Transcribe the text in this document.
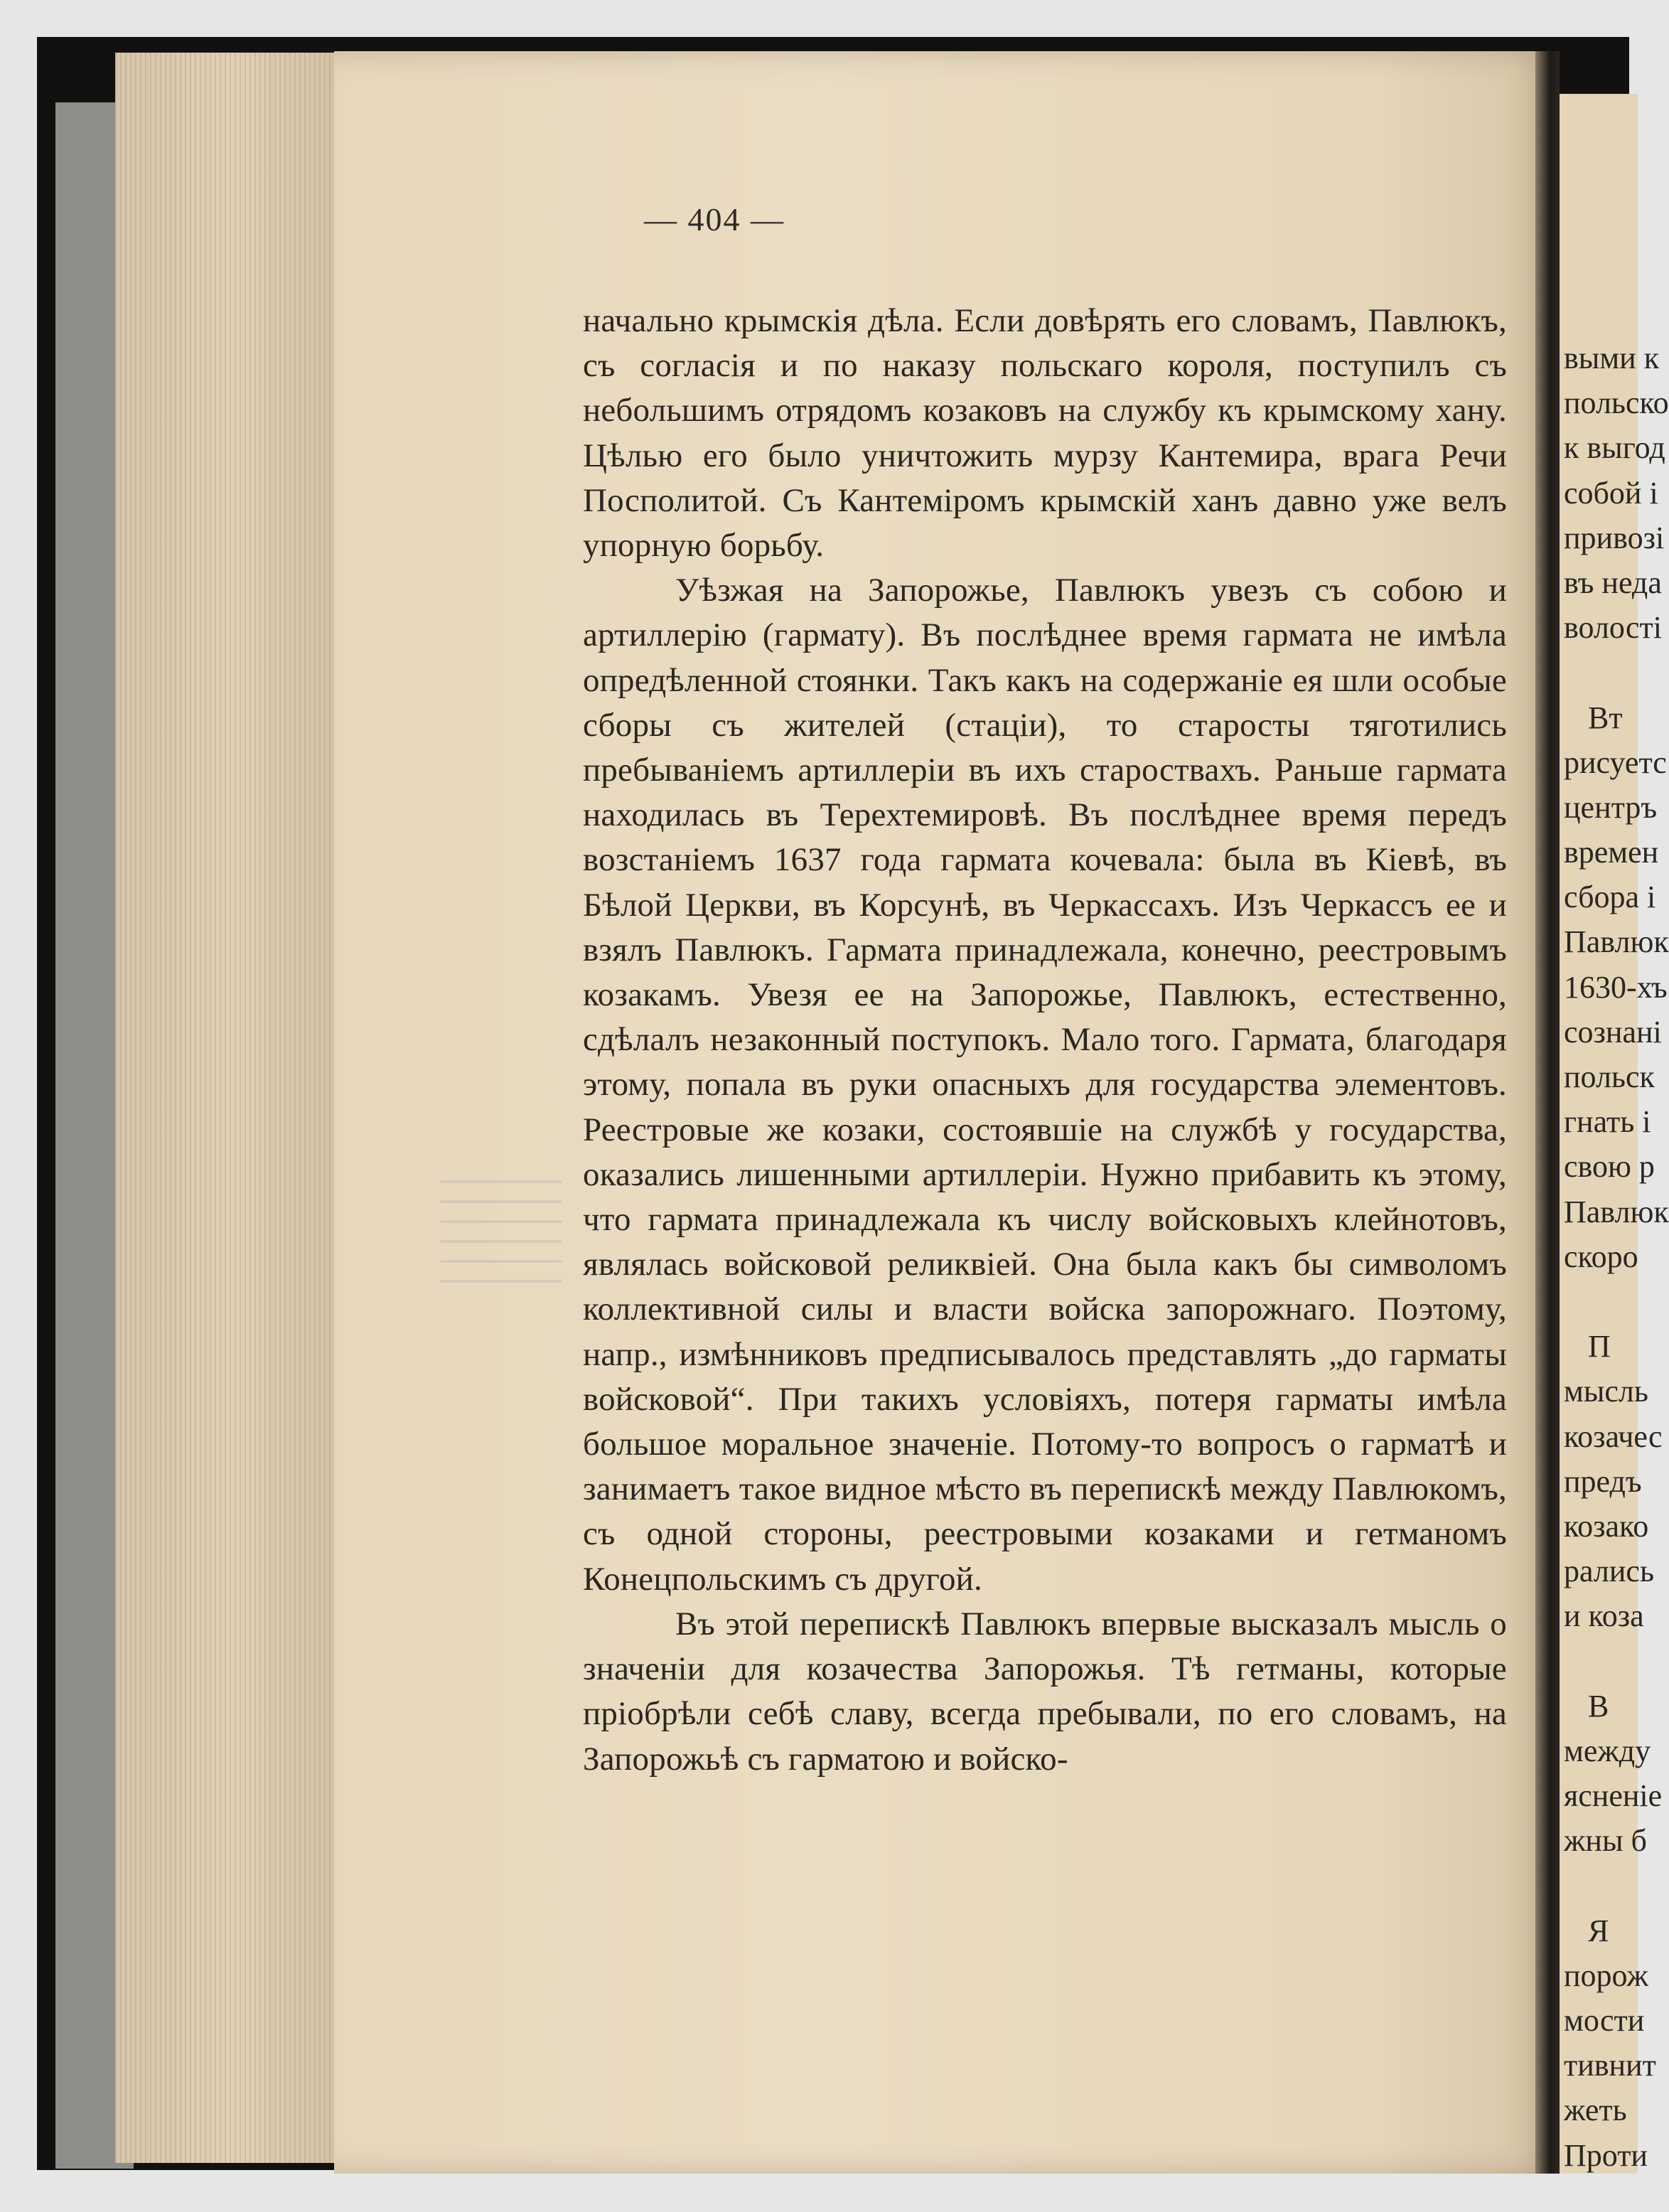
выми к
польско
к выгод
собой і
привозі
въ неда
волості
Вт
рисуетс
центръ
времен
сбора і
Павлюк
1630-хъ
сознані
польск
гнать і
свою р
Павлюк
скоро
П
мысль
козачес
предъ
козако
рались
и коза
В
между
ясненіе
жны б
Я
порож
мости
тивнит
жеть
Проти
— 404 —

начально крымскія дѣла. Если довѣрять его словамъ, Павлюкъ, съ согласія и по наказу польскаго короля, поступилъ съ небольшимъ отрядомъ козаковъ на службу къ крымскому хану. Цѣлью его было уничтожить мурзу Кантемира, врага Речи Посполитой. Съ Кантеміромъ крымскій ханъ давно уже велъ упорную борьбу.

Уѣзжая на Запорожье, Павлюкъ увезъ съ собою и артиллерію (гармату). Въ послѣднее время гармата не имѣла опредѣленной стоянки. Такъ какъ на содержаніе ея шли особые сборы съ жителей (стаціи), то старосты тяготились пребываніемъ артиллеріи въ ихъ староствахъ. Раньше гармата находилась въ Терехтемировѣ. Въ послѣднее время передъ возстаніемъ 1637 года гармата кочевала: была въ Кіевѣ, въ Бѣлой Церкви, въ Корсунѣ, въ Черкассахъ. Изъ Черкассъ ее и взялъ Павлюкъ. Гармата принадлежала, конечно, реестровымъ козакамъ. Увезя ее на Запорожье, Павлюкъ, естественно, сдѣлалъ незаконный поступокъ. Мало того. Гармата, благодаря этому, попала въ руки опасныхъ для государства элементовъ. Реестровые же козаки, состоявшіе на службѣ у государства, оказались лишенными артиллеріи. Нужно прибавить къ этому, что гармата принадлежала къ числу войсковыхъ клейнотовъ, являлась войсковой реликвіей. Она была какъ бы символомъ коллективной силы и власти войска запорожнаго. Поэтому, напр., измѣнниковъ предписывалось представлять „до гарматы войсковой“. При такихъ условіяхъ, потеря гарматы имѣла большое моральное значеніе. Потому-то вопросъ о гарматѣ и занимаетъ такое видное мѣсто въ перепискѣ между Павлюкомъ, съ одной стороны, реестровыми козаками и гетманомъ Конецпольскимъ съ другой.

Въ этой перепискѣ Павлюкъ впервые высказалъ мысль о значеніи для козачества Запорожья. Тѣ гетманы, которые пріобрѣли себѣ славу, всегда пребывали, по его словамъ, на Запорожьѣ съ гарматою и войско-
